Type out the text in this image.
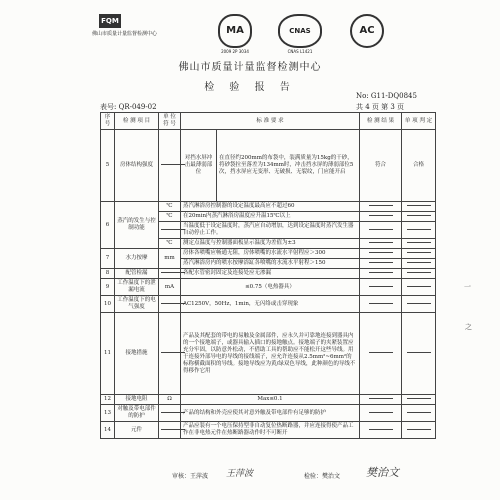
FQM
佛山市质量计量监督检测中心	MA
2009 2P 3034
CNAS
CNAS L1421
AC
佛山市质量计量监督检测中心
检 验 报 告
No: G11-DQ0845
表号: QR-049-02	共 4 页 第 3 页
序号	检 测 项 目	单 位 符 号	标 准 要 求		检 测 结 果	单 项 判 定
5	房体结构强度		对挡水屏冲击最薄弱部位	在直径约200mm的布袋中，装满质量为15kg的干砂，将砂袋拉至落差为134mm时，冲击挡水屏的薄弱部位5次，挡水屏应无变形、无破损、无裂纹，门应能开启	符合	合格
6	蒸汽的发生与控制功能	℃	蒸汽淋浴房控制器的设定温度最高应不超过60			
		℃	在20min内蒸汽淋浴房温度应升温15℃以上			
			当温度低于设定温度时，蒸汽应自动增加，达到设定温度时蒸汽发生器自动停止工作。			
		℃	测定点温度与控制器面板显示温度为差值为±3			
7	水力按摩	mm	房体各喷嘴应畅通无阻，房体喷嘴的水流水平射程应＞300			
			蒸汽淋浴房内的喷水按摩浴缸各喷嘴的水流水平射程＞150			
8	配管检漏		各配水管密封固定及连接处应无渗漏			
9	工作温度下的泄漏电流	mA	≤0.75（电热器具）			
10	工作温度下的电气强度		AC1250V，50Hz，1min，无闪络或击穿现象			
11	接地措施		产品及其配套的带电的易触及金属部件，应永久并可靠地连接到器具内的一个接地端子，或器具输入插口的接地触点。接地端子的夹紧装置应充分牢固，以防意外松动，不借助工具的帮助应不能松开这些导线。用于连接外部导电的导线的接线端子，应允许连接从2.5mm²~6mm²的标称横截面积的导线。接地导线应为黄/绿双色导线，此种颜色的导线不得移作它用			
12	接地电阻	Ω	Max≤0.1			
13	对触及带电部件的防护		产品的结构和外壳应使其对意外触及带电部件有足够的防护			
14	元件		产品应装有一个电压保持型非自动复位热断路器，并应连接得使产品工作在非电热元件在热断路器动作时不可断开			
审核：王萍波 王萍波	检验：樊治文 樊治文
一
之
